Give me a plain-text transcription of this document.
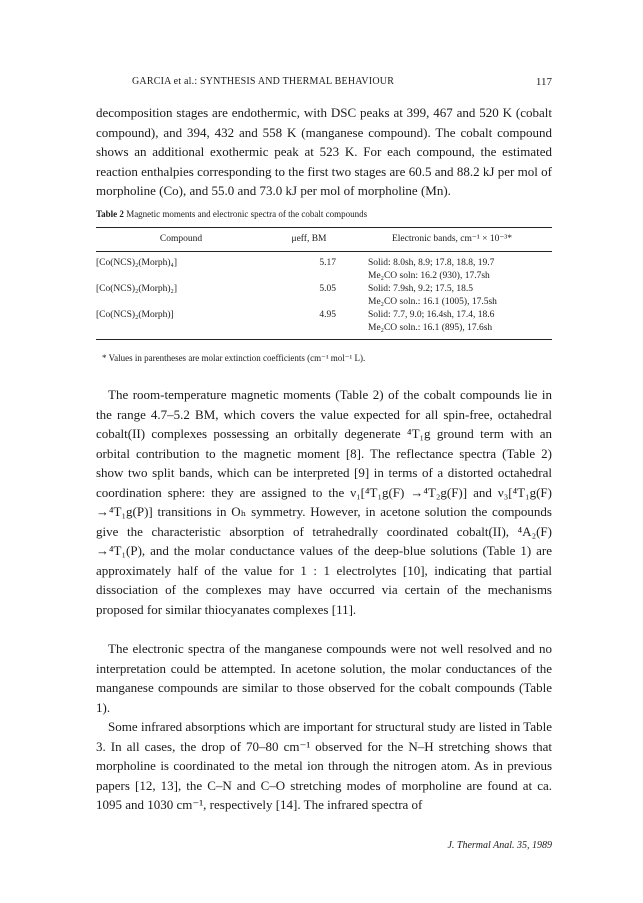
GARCIA et al.: SYNTHESIS AND THERMAL BEHAVIOUR	117

decomposition stages are endothermic, with DSC peaks at 399, 467 and 520 K (cobalt compound), and 394, 432 and 558 K (manganese compound). The cobalt compound shows an additional exothermic peak at 523 K. For each compound, the estimated reaction enthalpies corresponding to the first two stages are 60.5 and 88.2 kJ per mol of morpholine (Co), and 55.0 and 73.0 kJ per mol of morpholine (Mn).

Table 2 Magnetic moments and electronic spectra of the cobalt compounds
Compound	μeff, BM	Electronic bands, cm⁻¹ × 10⁻³*
[Co(NCS)₂(Morph)₄]	5.17	Solid: 8.0sh, 8.9; 17.8, 18.8, 19.7
		Me₂CO soln: 16.2 (930), 17.7sh
[Co(NCS)₂(Morph)₂]	5.05	Solid: 7.9sh, 9.2; 17.5, 18.5
		Me₂CO soln.: 16.1 (1005), 17.5sh
[Co(NCS)₂(Morph)]	4.95	Solid: 7.7, 9.0; 16.4sh, 17.4, 18.6
		Me₂CO soln.: 16.1 (895), 17.6sh
* Values in parentheses are molar extinction coefficients (cm⁻¹ mol⁻¹ L).

The room-temperature magnetic moments (Table 2) of the cobalt compounds lie in the range 4.7–5.2 BM, which covers the value expected for all spin-free, octahedral cobalt(II) complexes possessing an orbitally degenerate ⁴T₁g ground term with an orbital contribution to the magnetic moment [8]. The reflectance spectra (Table 2) show two split bands, which can be interpreted [9] in terms of a distorted octahedral coordination sphere: they are assigned to the ν₁[⁴T₁g(F) →⁴T₂g(F)] and ν₃[⁴T₁g(F) →⁴T₁g(P)] transitions in Oₕ symmetry. However, in acetone solution the compounds give the characteristic absorption of tetrahedrally coordinated cobalt(II), ⁴A₂(F) →⁴T₁(P), and the molar conductance values of the deep-blue solutions (Table 1) are approximately half of the value for 1 : 1 electrolytes [10], indicating that partial dissociation of the complexes may have occurred via certain of the mechanisms proposed for similar thiocyanates complexes [11].

The electronic spectra of the manganese compounds were not well resolved and no interpretation could be attempted. In acetone solution, the molar conductances of the manganese compounds are similar to those observed for the cobalt compounds (Table 1).

Some infrared absorptions which are important for structural study are listed in Table 3. In all cases, the drop of 70–80 cm⁻¹ observed for the N–H stretching shows that morpholine is coordinated to the metal ion through the nitrogen atom. As in previous papers [12, 13], the C–N and C–O stretching modes of morpholine are found at ca. 1095 and 1030 cm⁻¹, respectively [14]. The infrared spectra of

J. Thermal Anal. 35, 1989
